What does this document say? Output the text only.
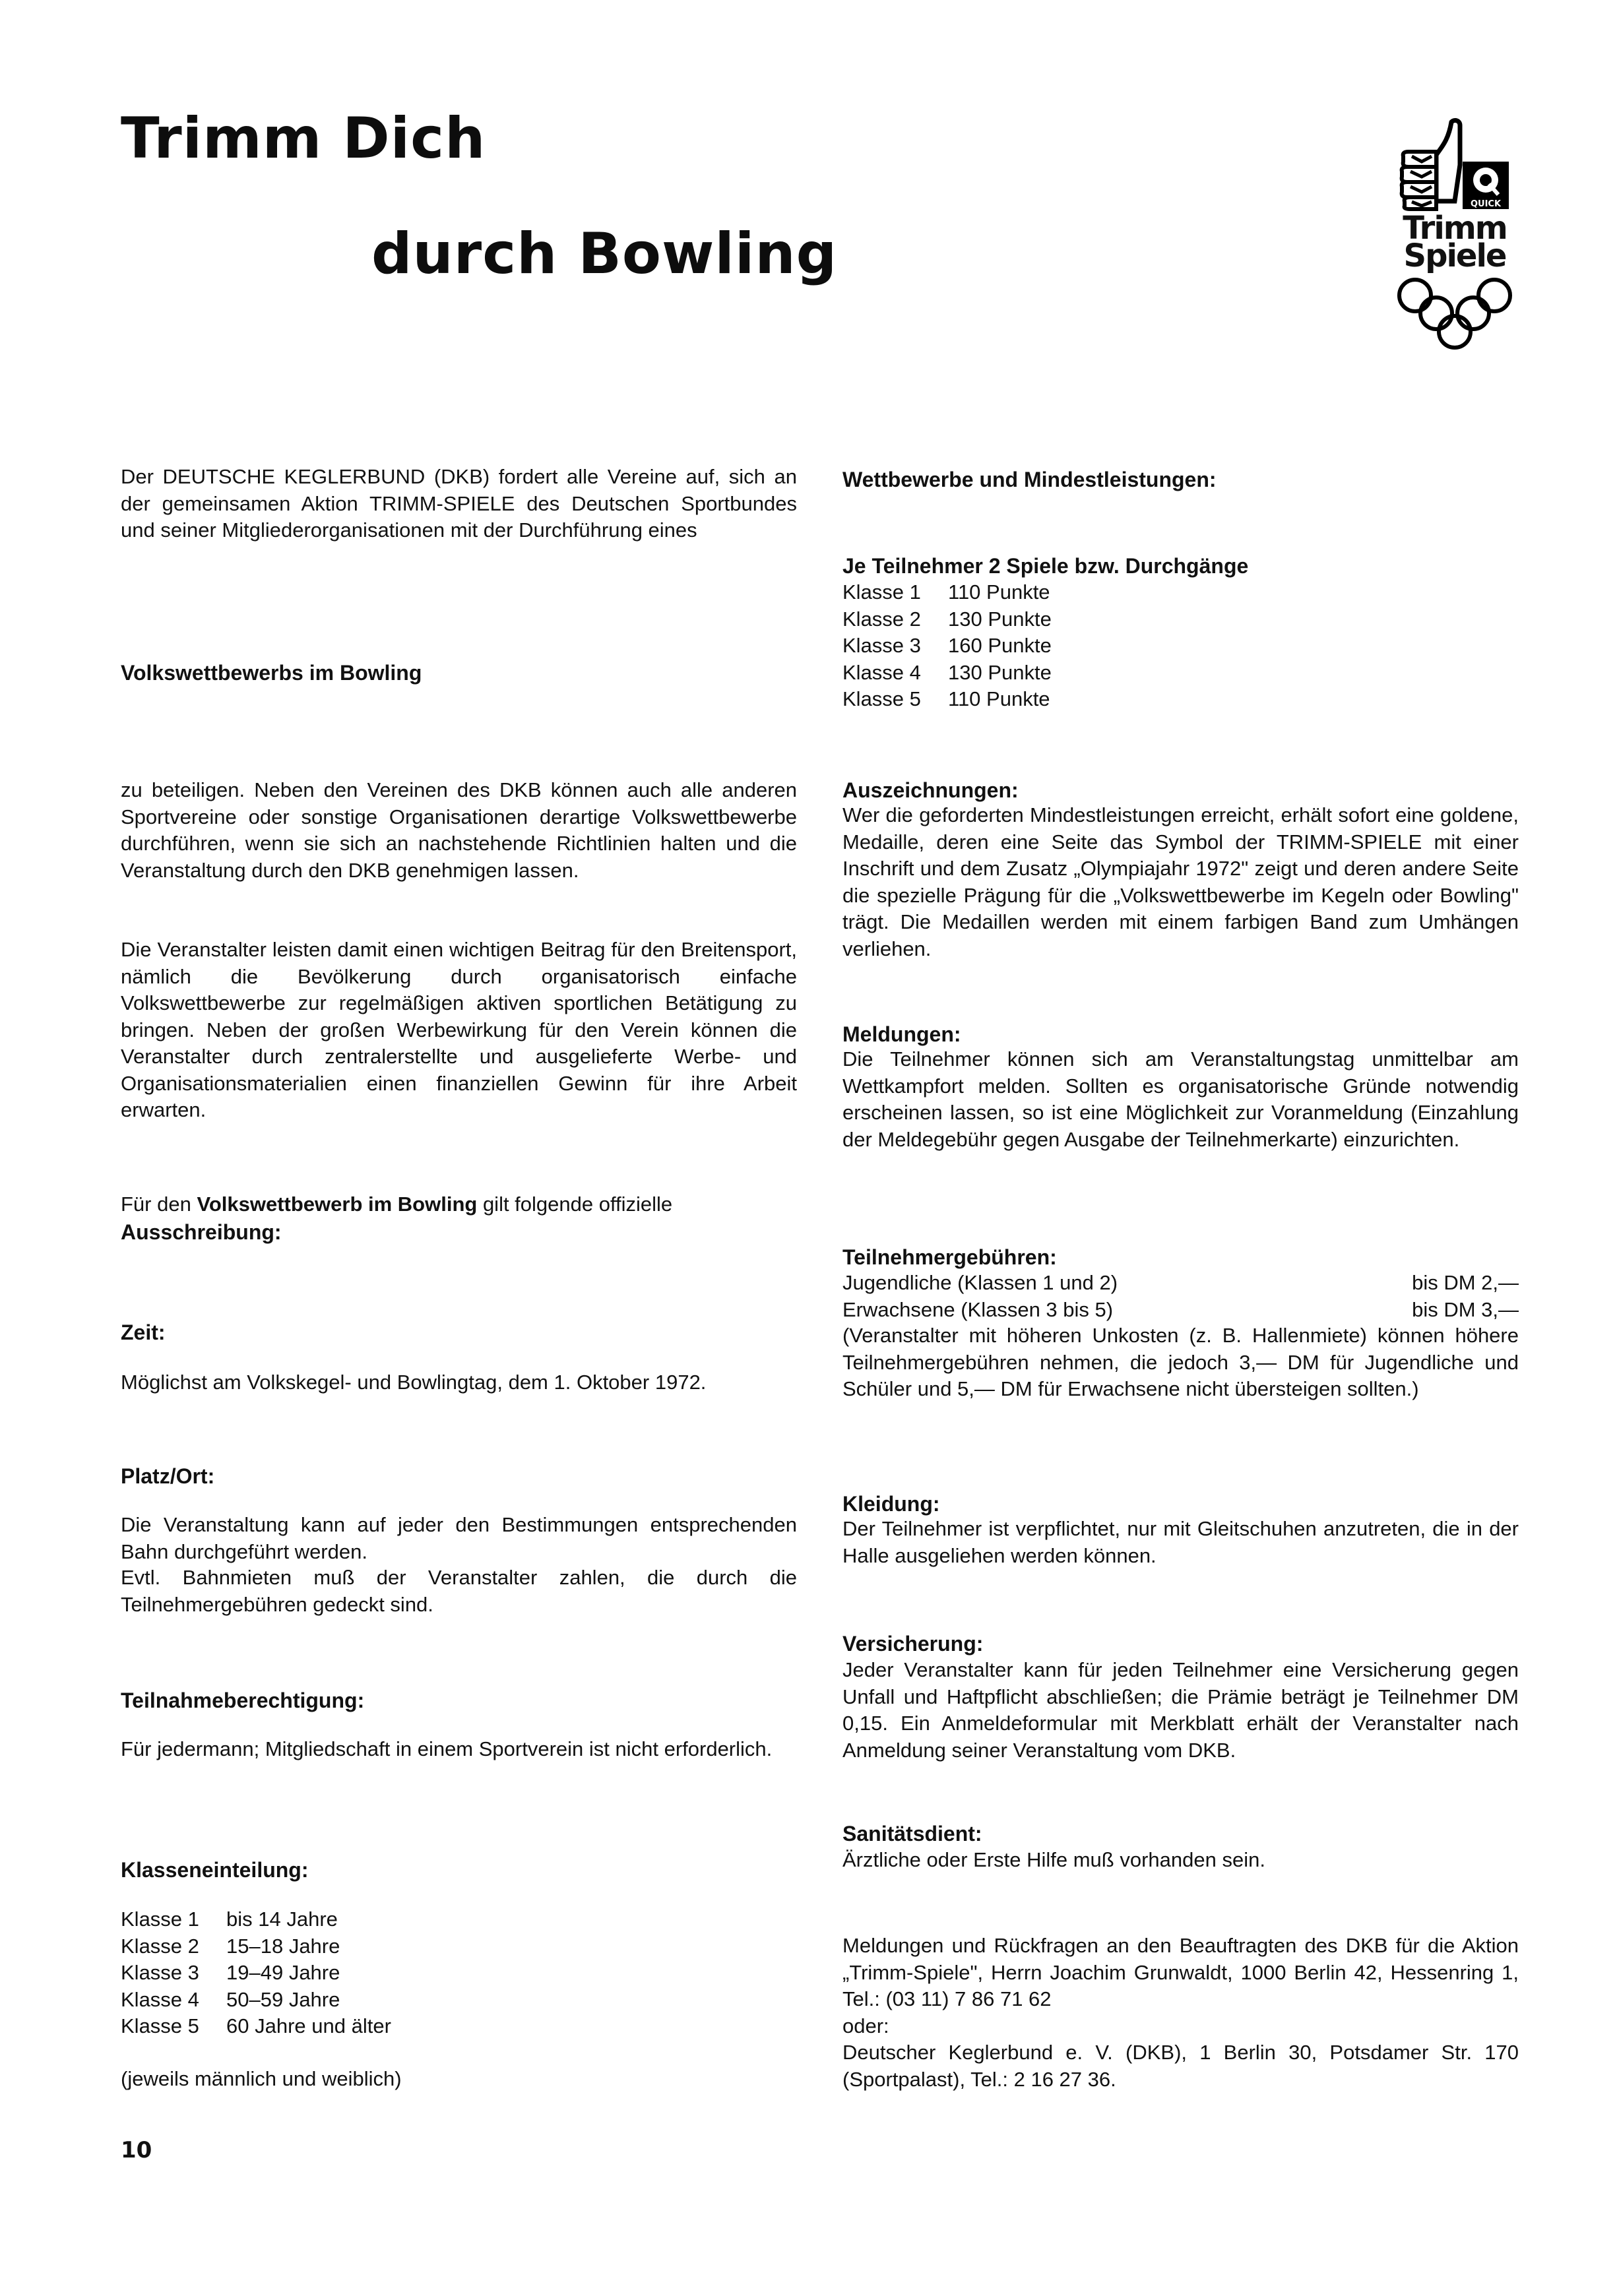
Trimm Dich
durch Bowling
QUICK
Trimm
Spiele
Der DEUTSCHE KEGLERBUND (DKB) fordert alle Vereine auf, sich an der gemeinsamen Aktion TRIMM-SPIELE des Deutschen Sportbundes und seiner Mitgliederorganisationen mit der Durchführung eines
Volkswettbewerbs im Bowling
zu beteiligen. Neben den Vereinen des DKB können auch alle anderen Sportvereine oder sonstige Organisationen derartige Volkswettbewerbe durchführen, wenn sie sich an nachstehende Richtlinien halten und die Veranstaltung durch den DKB genehmigen lassen.
Die Veranstalter leisten damit einen wichtigen Beitrag für den Breitensport, nämlich die Bevölkerung durch organisatorisch einfache Volkswettbewerbe zur regelmäßigen aktiven sportlichen Betätigung zu bringen. Neben der großen Werbewirkung für den Verein können die Veranstalter durch zentralerstellte und ausgelieferte Werbe- und Organisationsmaterialien einen finanziellen Gewinn für ihre Arbeit erwarten.
Für den Volkswettbewerb im Bowling gilt folgende offizielle
Ausschreibung:
Zeit:
Möglichst am Volkskegel- und Bowlingtag, dem 1. Oktober 1972.
Platz/Ort:
Die Veranstaltung kann auf jeder den Bestimmungen entsprechenden Bahn durchgeführt werden.
Evtl. Bahnmieten muß der Veranstalter zahlen, die durch die Teilnehmergebühren gedeckt sind.
Teilnahmeberechtigung:
Für jedermann; Mitgliedschaft in einem Sportverein ist nicht erforderlich.
Klasseneinteilung:
Klasse 1	bis 14 Jahre
Klasse 2	15–18 Jahre
Klasse 3	19–49 Jahre
Klasse 4	50–59 Jahre
Klasse 5	60 Jahre und älter
(jeweils männlich und weiblich)
10
Wettbewerbe und Mindestleistungen:
Je Teilnehmer 2 Spiele bzw. Durchgänge
Klasse 1	110 Punkte
Klasse 2	130 Punkte
Klasse 3	160 Punkte
Klasse 4	130 Punkte
Klasse 5	110 Punkte
Auszeichnungen:
Wer die geforderten Mindestleistungen erreicht, erhält sofort eine goldene, Medaille, deren eine Seite das Symbol der TRIMM-SPIELE mit einer Inschrift und dem Zusatz „Olympiajahr 1972" zeigt und deren andere Seite die spezielle Prägung für die „Volkswettbewerbe im Kegeln oder Bowling" trägt. Die Medaillen werden mit einem farbigen Band zum Umhängen verliehen.
Meldungen:
Die Teilnehmer können sich am Veranstaltungstag unmittelbar am Wettkampfort melden. Sollten es organisatorische Gründe notwendig erscheinen lassen, so ist eine Möglichkeit zur Voranmeldung (Einzahlung der Meldegebühr gegen Ausgabe der Teilnehmerkarte) einzurichten.
Teilnehmergebühren:
Jugendliche (Klassen 1 und 2)	bis DM 2,—
Erwachsene (Klassen 3 bis 5)	bis DM 3,—
(Veranstalter mit höheren Unkosten (z. B. Hallenmiete) können höhere Teilnehmergebühren nehmen, die jedoch 3,— DM für Jugendliche und Schüler und 5,— DM für Erwachsene nicht übersteigen sollten.)
Kleidung:
Der Teilnehmer ist verpflichtet, nur mit Gleitschuhen anzutreten, die in der Halle ausgeliehen werden können.
Versicherung:
Jeder Veranstalter kann für jeden Teilnehmer eine Versicherung gegen Unfall und Haftpflicht abschließen; die Prämie beträgt je Teilnehmer DM 0,15. Ein Anmeldeformular mit Merkblatt erhält der Veranstalter nach Anmeldung seiner Veranstaltung vom DKB.
Sanitätsdient:
Ärztliche oder Erste Hilfe muß vorhanden sein.
Meldungen und Rückfragen an den Beauftragten des DKB für die Aktion „Trimm-Spiele", Herrn Joachim Grunwaldt, 1000 Berlin 42, Hessenring 1, Tel.: (03 11) 7 86 71 62
oder:
Deutscher Keglerbund e. V. (DKB), 1 Berlin 30, Potsdamer Str. 170 (Sportpalast), Tel.: 2 16 27 36.
